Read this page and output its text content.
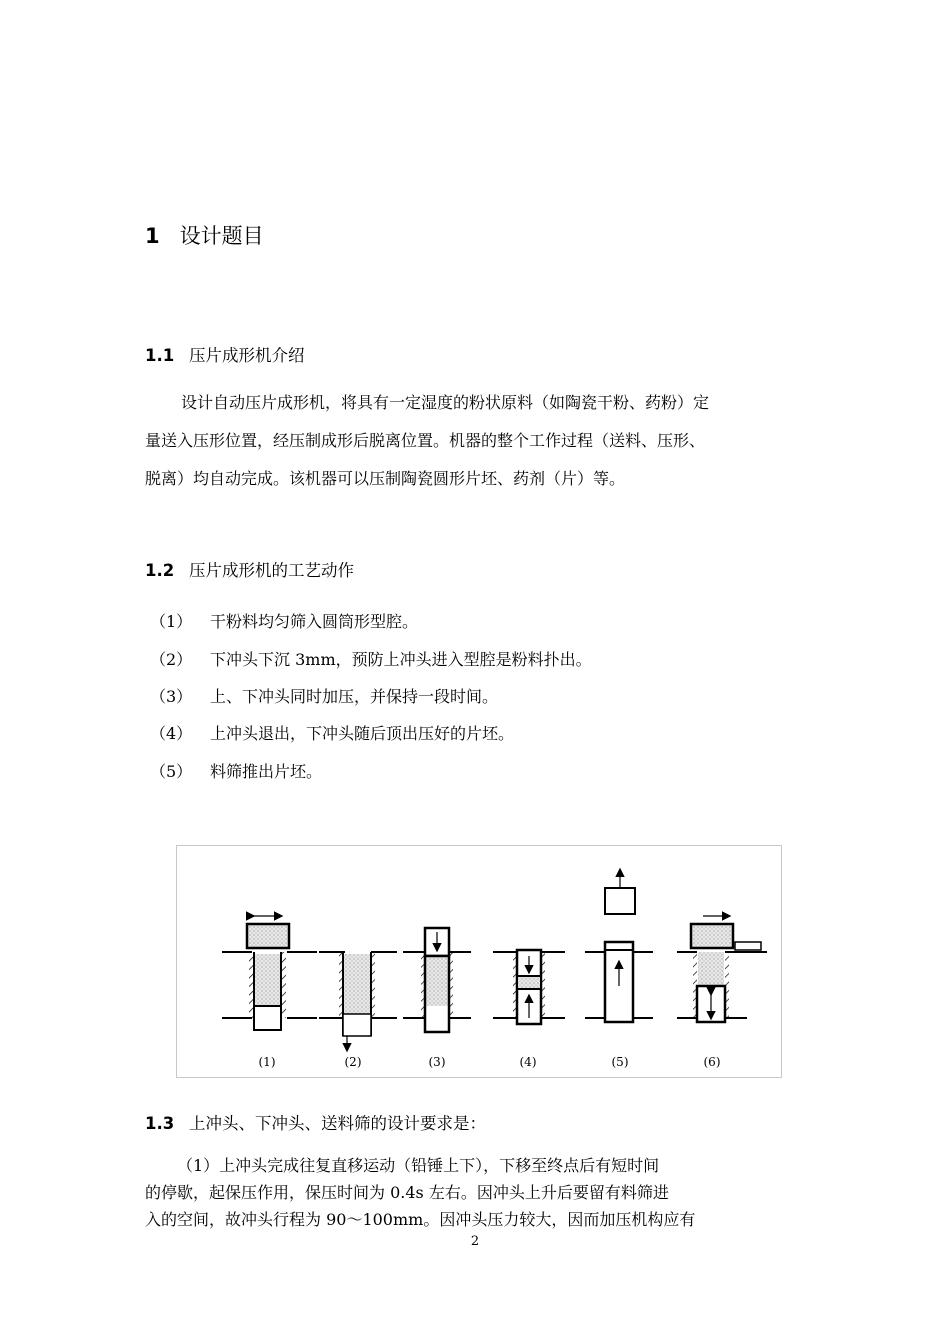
1 设计题目
1.1 压片成形机介绍
设计自动压片成形机，将具有一定湿度的粉状原料（如陶瓷干粉、药粉）定
量送入压形位置，经压制成形后脱离位置。机器的整个工作过程（送料、压形、
脱离）均自动完成。该机器可以压制陶瓷圆形片坯、药剂（片）等。
1.2 压片成形机的工艺动作
（1） 干粉料均匀筛入圆筒形型腔。
（2） 下冲头下沉 3mm，预防上冲头进入型腔是粉料扑出。
（3） 上、下冲头同时加压，并保持一段时间。
（4） 上冲头退出，下冲头随后顶出压好的片坯。
（5） 料筛推出片坯。
(1)	(2)	(3)	(4)	(5)	(6)
1.3 上冲头、下冲头、送料筛的设计要求是：
（1）上冲头完成往复直移运动（铅锤上下），下移至终点后有短时间
的停歇，起保压作用，保压时间为 0.4s 左右。因冲头上升后要留有料筛进
入的空间，故冲头行程为 90～100mm。因冲头压力较大，因而加压机构应有
2
